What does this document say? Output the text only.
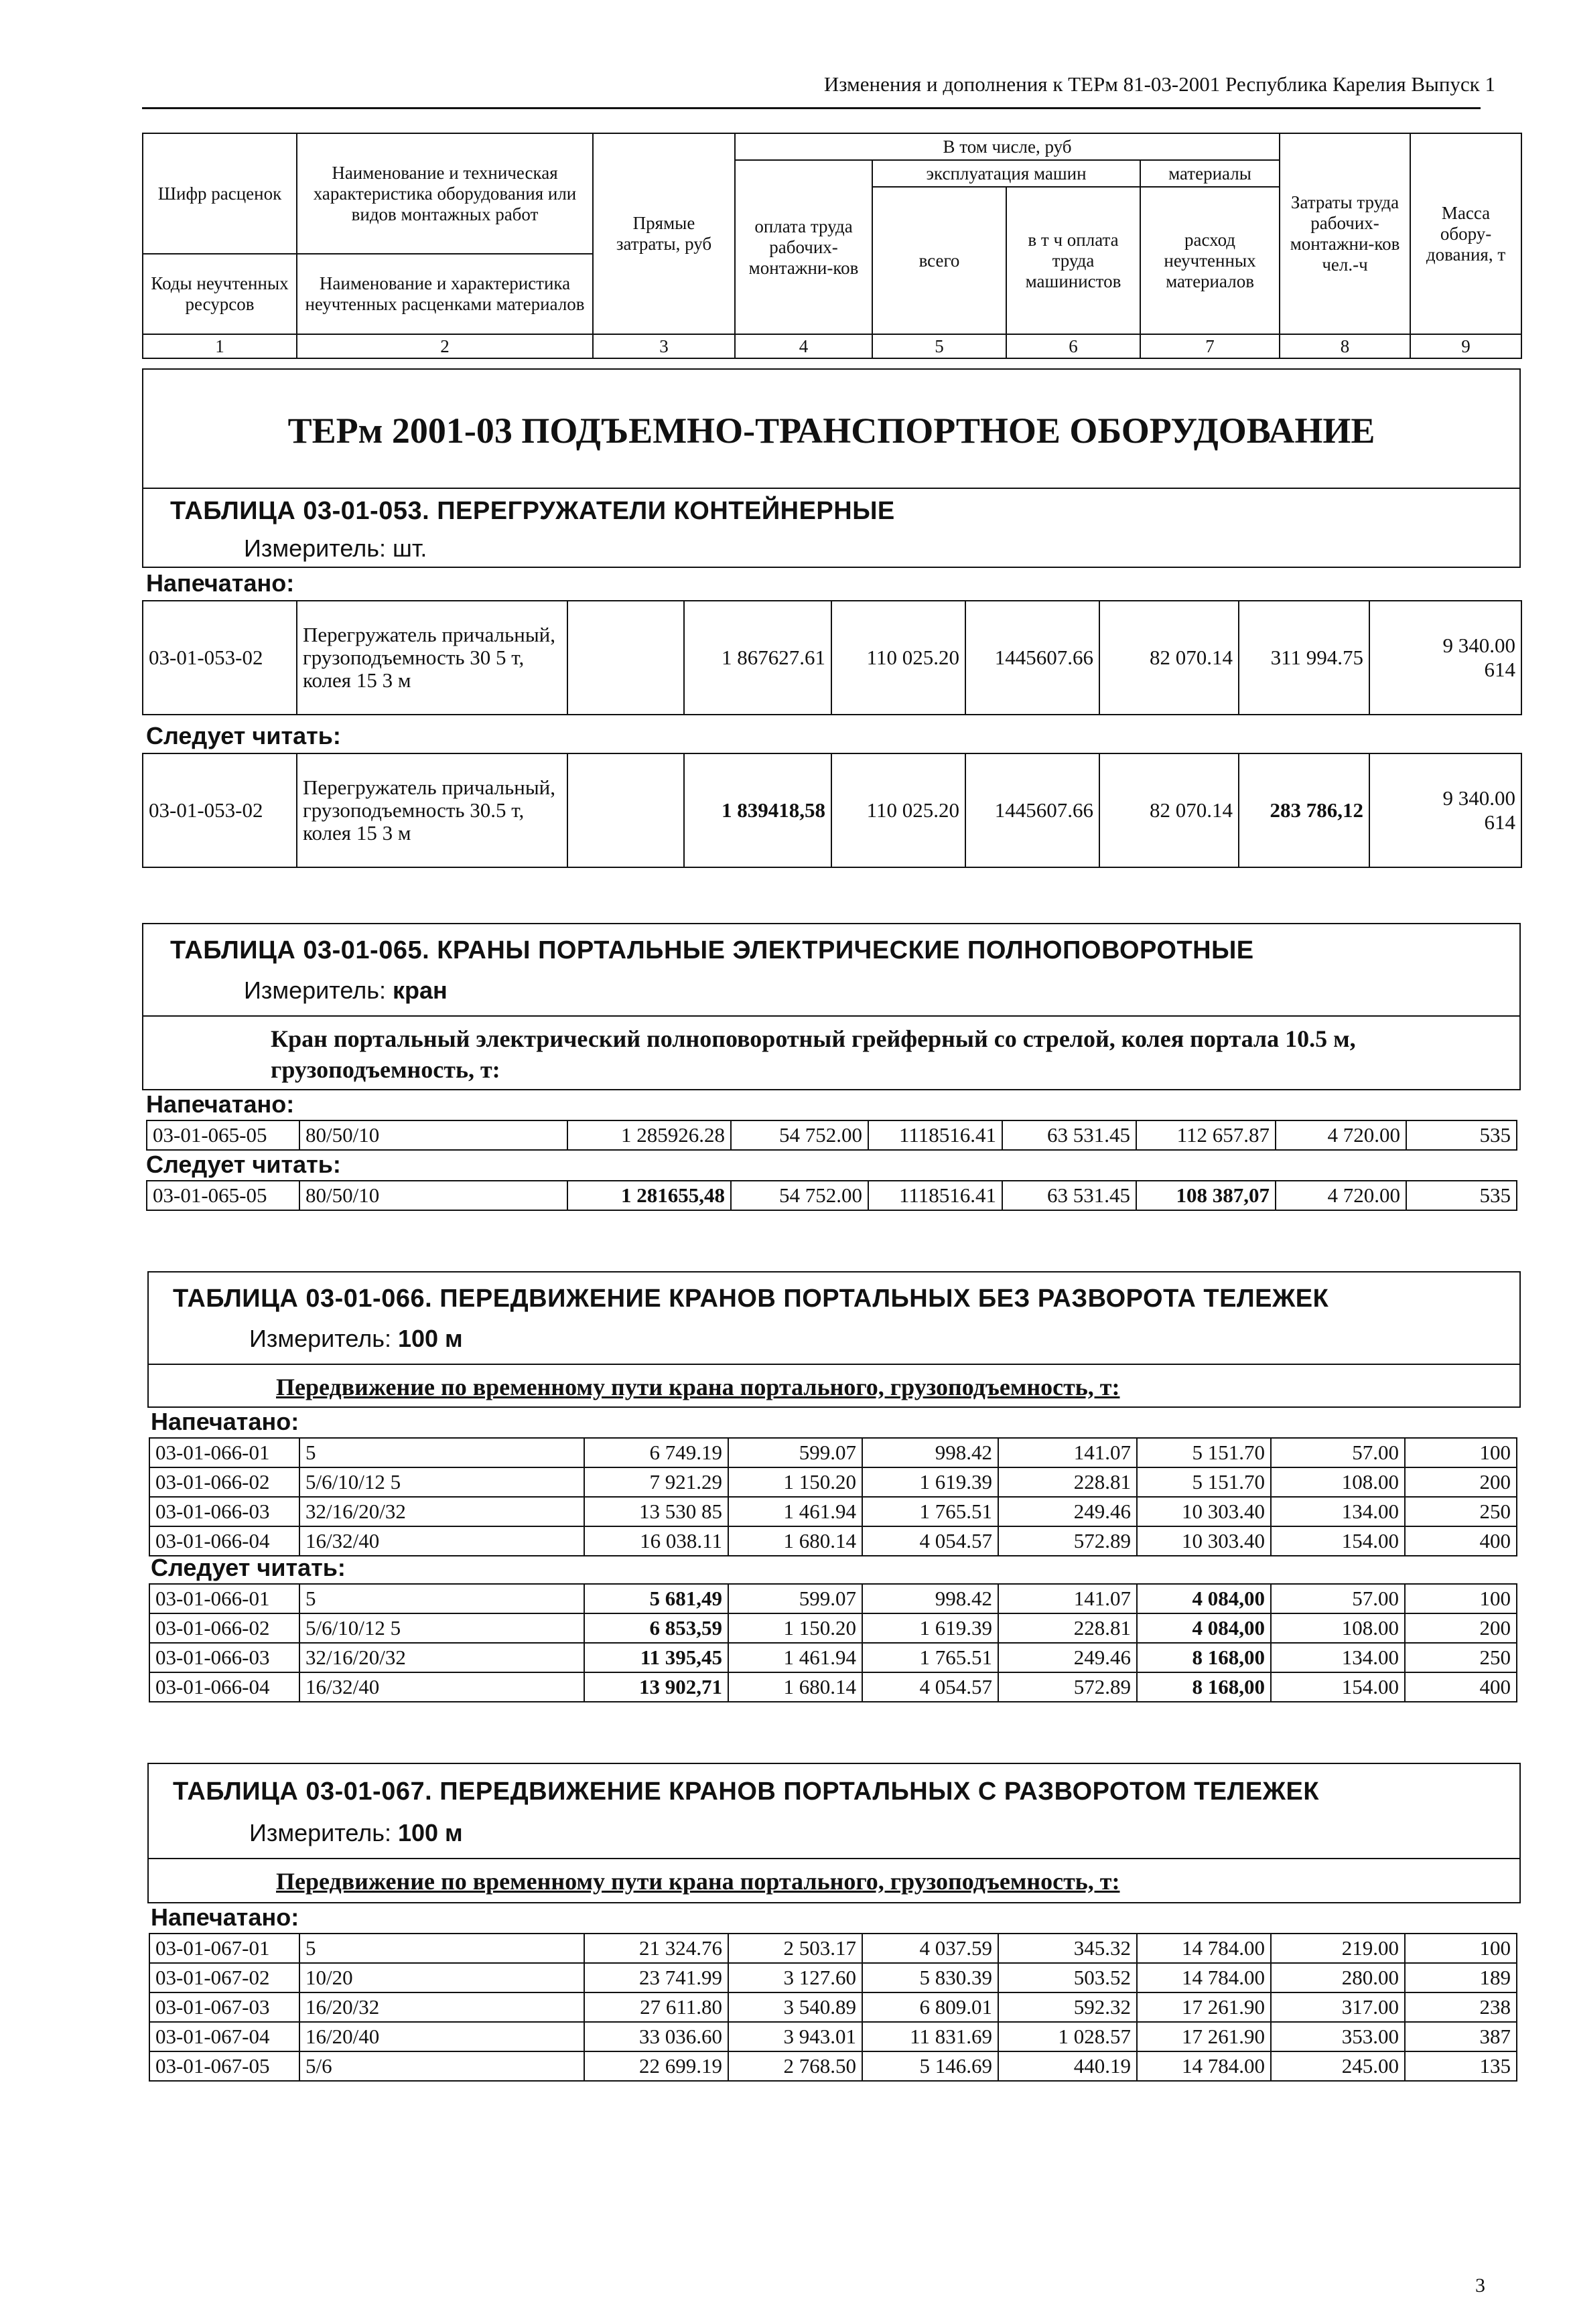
Изменения и дополнения к ТЕРм 81-03-2001 Республика Карелия Выпуск 1
Шифр расценок	Наименование и техническая характеристика оборудования или видов монтажных работ	Прямые затраты, руб	В том числе, руб				Затраты труда рабочих-монтажни-ков чел.-ч	Масса обору-дования, т
			оплата труда рабочих-монтажни-ков	эксплуатация машин		материалы		
				всего	в т ч оплата труда машинистов	расход неучтенных материалов		
Коды неучтенных ресурсов	Наименование и характеристика неучтенных расценками материалов							

1	2	3	4	5	6	7	8	9
ТЕРм 2001-03 ПОДЪЕМНО-ТРАНСПОРТНОЕ ОБОРУДОВАНИЕ
ТАБЛИЦА 03-01-053. ПЕРЕГРУЖАТЕЛИ КОНТЕЙНЕРНЫЕ
Измеритель: шт.
Напечатано:
03-01-053-02	Перегружатель причальный, грузоподъемность 30 5 т, колея 15 3 м		1 867627.61	110 025.20	1445607.66	82 070.14	311 994.75	9 340.00614
Следует читать:
03-01-053-02	Перегружатель причальный, грузоподъемность 30.5 т, колея 15 3 м		1 839418,58	110 025.20	1445607.66	82 070.14	283 786,12	9 340.00614
ТАБЛИЦА 03-01-065. КРАНЫ ПОРТАЛЬНЫЕ ЭЛЕКТРИЧЕСКИЕ ПОЛНОПОВОРОТНЫЕ
Измеритель: кран
Кран портальный электрический полноповоротный грейферный со стрелой, колея портала 10.5 м, грузоподъемность, т:
Напечатано:
03-01-065-05	80/50/10	1 285926.28	54 752.00	1118516.41	63 531.45	112 657.87	4 720.00	535
Следует читать:
03-01-065-05	80/50/10	1 281655,48	54 752.00	1118516.41	63 531.45	108 387,07	4 720.00	535
ТАБЛИЦА 03-01-066. ПЕРЕДВИЖЕНИЕ КРАНОВ ПОРТАЛЬНЫХ БЕЗ РАЗВОРОТА ТЕЛЕЖЕК
Измеритель: 100 м
Передвижение по временному пути крана портального, грузоподъемность, т:
Напечатано:
03-01-066-01	5	6 749.19	599.07	998.42	141.07	5 151.70	57.00	100
03-01-066-02	5/6/10/12 5	7 921.29	1 150.20	1 619.39	228.81	5 151.70	108.00	200
03-01-066-03	32/16/20/32	13 530 85	1 461.94	1 765.51	249.46	10 303.40	134.00	250
03-01-066-04	16/32/40	16 038.11	1 680.14	4 054.57	572.89	10 303.40	154.00	400
Следует читать:
03-01-066-01	5	5 681,49	599.07	998.42	141.07	4 084,00	57.00	100
03-01-066-02	5/6/10/12 5	6 853,59	1 150.20	1 619.39	228.81	4 084,00	108.00	200
03-01-066-03	32/16/20/32	11 395,45	1 461.94	1 765.51	249.46	8 168,00	134.00	250
03-01-066-04	16/32/40	13 902,71	1 680.14	4 054.57	572.89	8 168,00	154.00	400
ТАБЛИЦА 03-01-067. ПЕРЕДВИЖЕНИЕ КРАНОВ ПОРТАЛЬНЫХ С РАЗВОРОТОМ ТЕЛЕЖЕК
Измеритель: 100 м
Передвижение по временному пути крана портального, грузоподъемность, т:
Напечатано:
03-01-067-01	5	21 324.76	2 503.17	4 037.59	345.32	14 784.00	219.00	100
03-01-067-02	10/20	23 741.99	3 127.60	5 830.39	503.52	14 784.00	280.00	189
03-01-067-03	16/20/32	27 611.80	3 540.89	6 809.01	592.32	17 261.90	317.00	238
03-01-067-04	16/20/40	33 036.60	3 943.01	11 831.69	1 028.57	17 261.90	353.00	387
03-01-067-05	5/6	22 699.19	2 768.50	5 146.69	440.19	14 784.00	245.00	135
3
